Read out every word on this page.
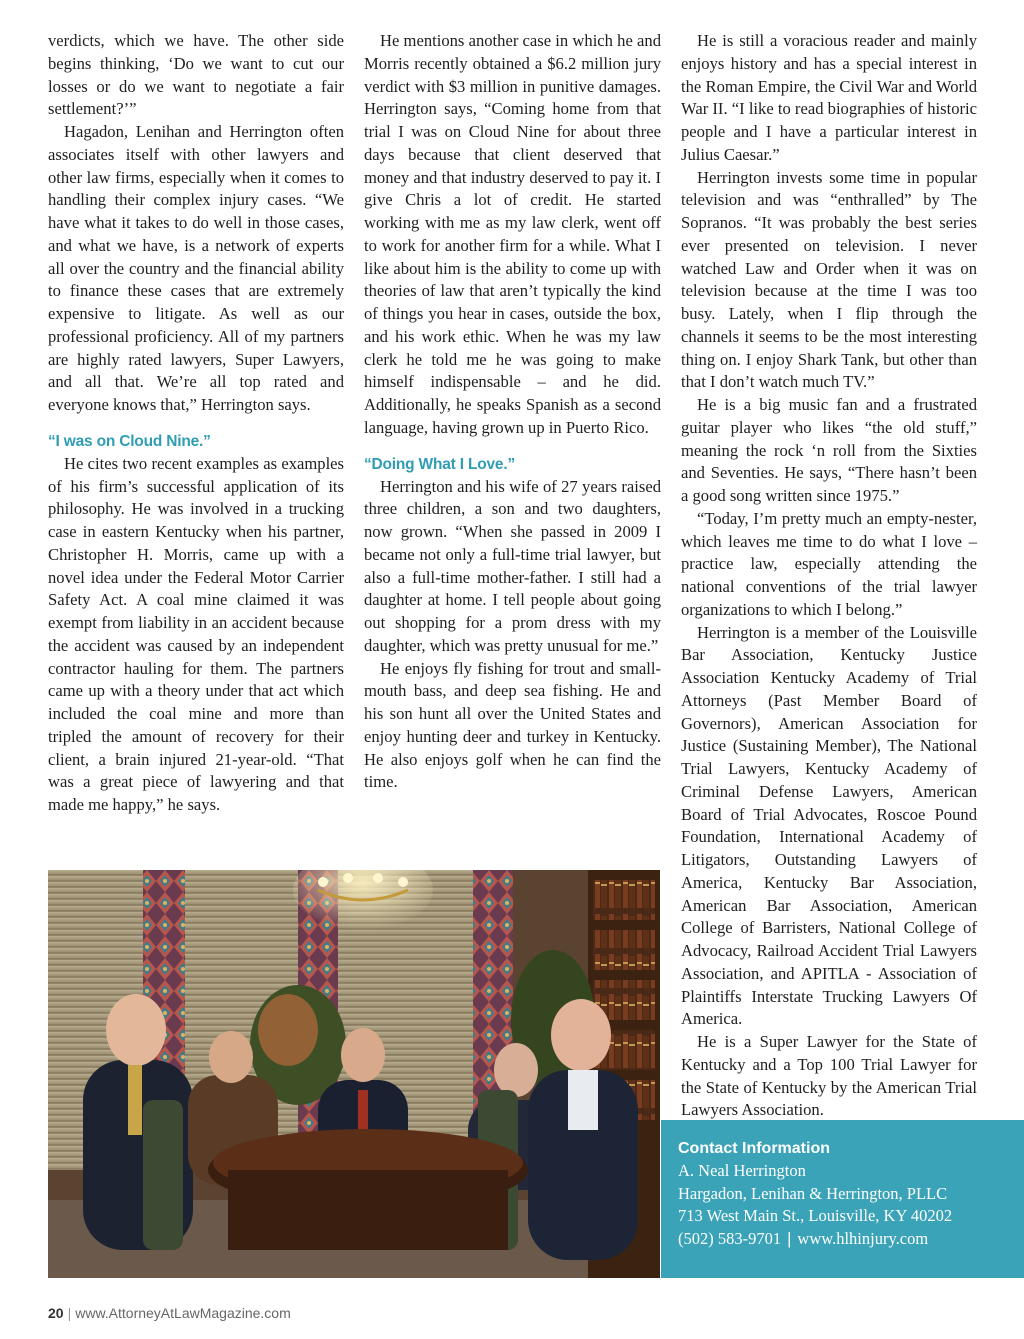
verdicts, which we have. The other side begins thinking, ‘Do we want to cut our losses or do we want to negotiate a fair settlement?’”

Hagadon, Lenihan and Herrington often associates itself with other lawyers and other law firms, especially when it comes to handling their complex injury cases. “We have what it takes to do well in those cases, and what we have, is a network of experts all over the country and the financial ability to finance these cases that are extremely expensive to litigate. As well as our professional proficiency. All of my partners are highly rated lawyers, Super Lawyers, and all that. We’re all top rated and everyone knows that,” Herrington says.

“I was on Cloud Nine.”

He cites two recent examples as examples of his firm’s successful application of its philosophy. He was involved in a trucking case in eastern Kentucky when his partner, Christopher H. Morris, came up with a novel idea under the Federal Motor Carrier Safety Act. A coal mine claimed it was exempt from liability in an accident because the accident was caused by an independent contractor hauling for them. The partners came up with a theory under that act which included the coal mine and more than tripled the amount of recovery for their client, a brain injured 21-year-old. “That was a great piece of lawyering and that made me happy,” he says.

He mentions another case in which he and Morris recently obtained a $6.2 million jury verdict with $3 million in punitive damages. Herrington says, “Coming home from that trial I was on Cloud Nine for about three days because that client deserved that money and that industry deserved to pay it. I give Chris a lot of credit. He started working with me as my law clerk, went off to work for another firm for a while. What I like about him is the ability to come up with theories of law that aren’t typically the kind of things you hear in cases, outside the box, and his work ethic. When he was my law clerk he told me he was going to make himself indispensable – and he did. Additionally, he speaks Spanish as a second language, having grown up in Puerto Rico.

“Doing What I Love.”

Herrington and his wife of 27 years raised three children, a son and two daughters, now grown. “When she passed in 2009 I became not only a full-time trial lawyer, but also a full-time mother-father. I still had a daughter at home. I tell people about going out shopping for a prom dress with my daughter, which was pretty unusual for me.”

He enjoys fly fishing for trout and small-mouth bass, and deep sea fishing. He and his son hunt all over the United States and enjoy hunting deer and turkey in Kentucky. He also enjoys golf when he can find the time.

He is still a voracious reader and mainly enjoys history and has a special interest in the Roman Empire, the Civil War and World War II. “I like to read biographies of historic people and I have a particular interest in Julius Caesar.”

Herrington invests some time in popular television and was “enthralled” by The Sopranos. “It was probably the best series ever presented on television. I never watched Law and Order when it was on television because at the time I was too busy. Lately, when I flip through the channels it seems to be the most interesting thing on. I enjoy Shark Tank, but other than that I don’t watch much TV.”

He is a big music fan and a frustrated guitar player who likes “the old stuff,” meaning the rock ‘n roll from the Sixties and Seventies. He says, “There hasn’t been a good song written since 1975.”

“Today, I’m pretty much an empty-nester, which leaves me time to do what I love – practice law, especially attending the national conventions of the trial lawyer organizations to which I belong.”

Herrington is a member of the Louisville Bar Association, Kentucky Justice Association Kentucky Academy of Trial Attorneys (Past Member Board of Governors), American Association for Justice (Sustaining Member), The National Trial Lawyers, Kentucky Academy of Criminal Defense Lawyers, American Board of Trial Advocates, Roscoe Pound Foundation, International Academy of Litigators, Outstanding Lawyers of America, Kentucky Bar Association, American Bar Association, American College of Barristers, National College of Advocacy, Railroad Accident Trial Lawyers Association, and APITLA - Association of Plaintiffs Interstate Trucking Lawyers Of America.

He is a Super Lawyer for the State of Kentucky and a Top 100 Trial Lawyer for the State of Kentucky by the American Trial Lawyers Association.

Contact Information
A. Neal Herrington
Hargadon, Lenihan & Herrington, PLLC
713 West Main St., Louisville, KY 40202
(502) 583-9701 | www.hlhinjury.com
20 | www.AttorneyAtLawMagazine.com
